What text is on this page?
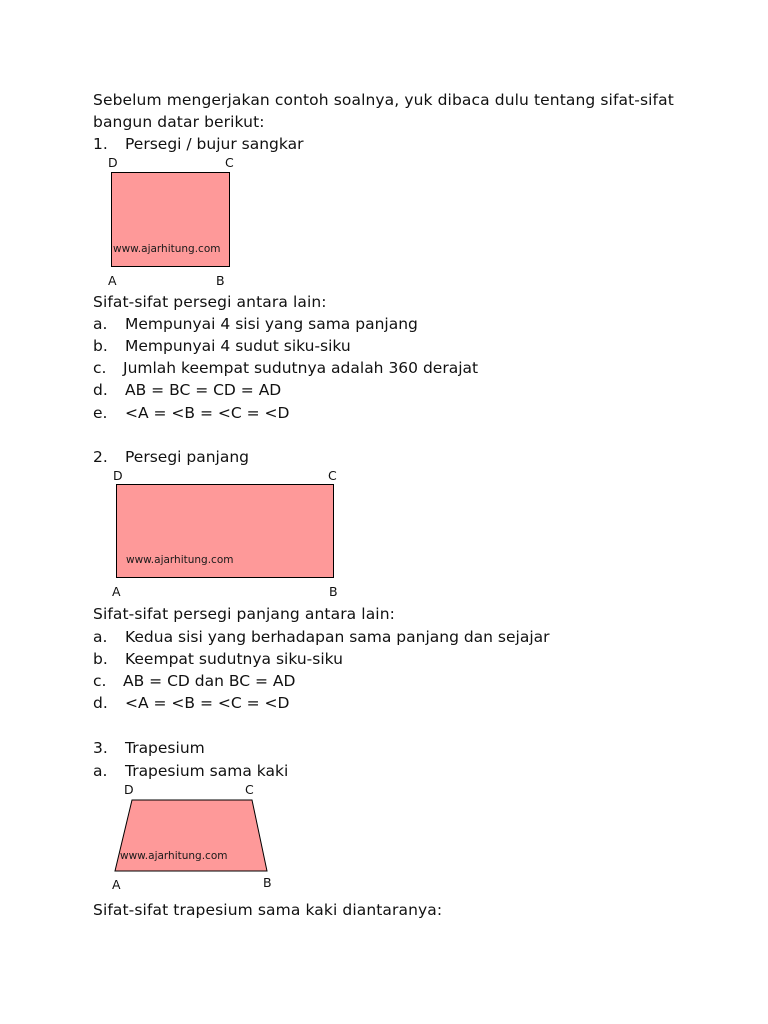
Sebelum mengerjakan contoh soalnya, yuk dibaca dulu tentang sifat-sifat
bangun datar berikut:
1. Persegi / bujur sangkar
D	C
www.ajarhitung.com
A	B
Sifat-sifat persegi antara lain:
a. Mempunyai 4 sisi yang sama panjang
b. Mempunyai 4 sudut siku-siku
c. Jumlah keempat sudutnya adalah 360 derajat
d. AB = BC = CD = AD
e. <A = <B = <C = <D
2. Persegi panjang
D	C
www.ajarhitung.com
A	B
Sifat-sifat persegi panjang antara lain:
a. Kedua sisi yang berhadapan sama panjang dan sejajar
b. Keempat sudutnya siku-siku
c. AB = CD dan BC = AD
d. <A = <B = <C = <D
3. Trapesium
a. Trapesium sama kaki
D	C
www.ajarhitung.com
A	B
Sifat-sifat trapesium sama kaki diantaranya:
